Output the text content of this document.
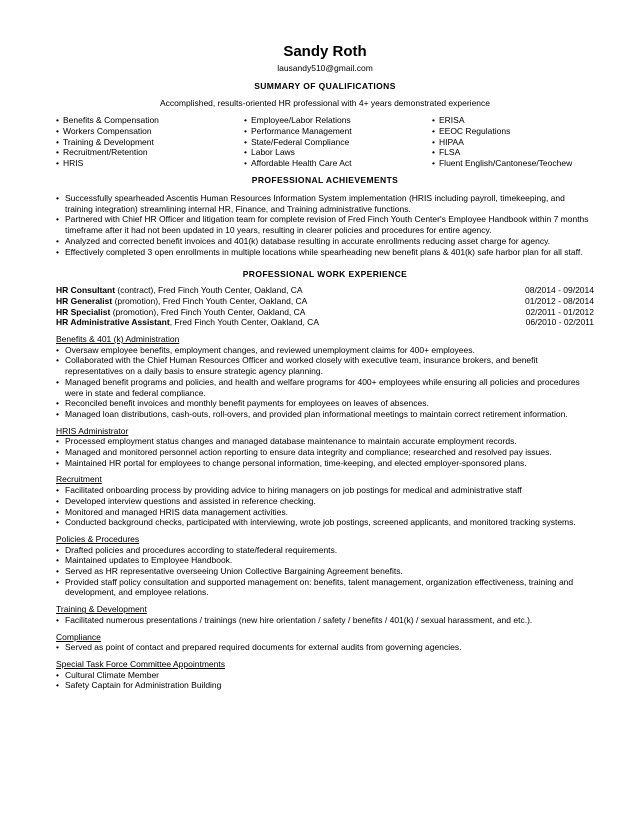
Sandy Roth
lausandy510@gmail.com
SUMMARY OF QUALIFICATIONS
Accomplished, results-oriented HR professional with 4+ years demonstrated experience
• Benefits & Compensation
• Workers Compensation
• Training & Development
• Recruitment/Retention
• HRIS
• Employee/Labor Relations
• Performance Management
• State/Federal Compliance
• Labor Laws
• Affordable Health Care Act
• ERISA
• EEOC Regulations
• HIPAA
• FLSA
• Fluent English/Cantonese/Teochew
PROFESSIONAL ACHIEVEMENTS
• Successfully spearheaded Ascentis Human Resources Information System implementation (HRIS including payroll, timekeeping, and training integration) streamlining internal HR, Finance, and Training administrative functions.
• Partnered with Chief HR Officer and litigation team for complete revision of Fred Finch Youth Center's Employee Handbook within 7 months timeframe after it had not been updated in 10 years, resulting in clearer policies and procedures for entire agency.
• Analyzed and corrected benefit invoices and 401(k) database resulting in accurate enrollments reducing asset charge for agency.
• Effectively completed 3 open enrollments in multiple locations while spearheading new benefit plans & 401(k) safe harbor plan for all staff.
PROFESSIONAL WORK EXPERIENCE
HR Consultant (contract), Fred Finch Youth Center, Oakland, CA	08/2014 - 09/2014
HR Generalist (promotion), Fred Finch Youth Center, Oakland, CA	01/2012 - 08/2014
HR Specialist (promotion), Fred Finch Youth Center, Oakland, CA	02/2011 - 01/2012
HR Administrative Assistant, Fred Finch Youth Center, Oakland, CA	06/2010 - 02/2011
Benefits & 401 (k) Administration
• Oversaw employee benefits, employment changes, and reviewed unemployment claims for 400+ employees.
• Collaborated with the Chief Human Resources Officer and worked closely with executive team, insurance brokers, and benefit representatives on a daily basis to ensure strategic agency planning.
• Managed benefit programs and policies, and health and welfare programs for 400+ employees while ensuring all policies and procedures were in state and federal compliance.
• Reconciled benefit invoices and monthly benefit payments for employees on leaves of absences.
• Managed loan distributions, cash-outs, roll-overs, and provided plan informational meetings to maintain correct retirement information.
HRIS Administrator
• Processed employment status changes and managed database maintenance to maintain accurate employment records.
• Managed and monitored personnel action reporting to ensure data integrity and compliance; researched and resolved pay issues.
• Maintained HR portal for employees to change personal information, time-keeping, and elected employer-sponsored plans.
Recruitment
• Facilitated onboarding process by providing advice to hiring managers on job postings for medical and administrative staff
• Developed interview questions and assisted in reference checking.
• Monitored and managed HRIS data management activities.
• Conducted background checks, participated with interviewing, wrote job postings, screened applicants, and monitored tracking systems.
Policies & Procedures
• Drafted policies and procedures according to state/federal requirements.
• Maintained updates to Employee Handbook.
• Served as HR representative overseeing Union Collective Bargaining Agreement benefits.
• Provided staff policy consultation and supported management on: benefits, talent management, organization effectiveness, training and development, and employee relations.
Training & Development
• Facilitated numerous presentations / trainings (new hire orientation / safety / benefits / 401(k) / sexual harassment, and etc.).
Compliance
• Served as point of contact and prepared required documents for external audits from governing agencies.
Special Task Force Committee Appointments
• Cultural Climate Member
• Safety Captain for Administration Building
